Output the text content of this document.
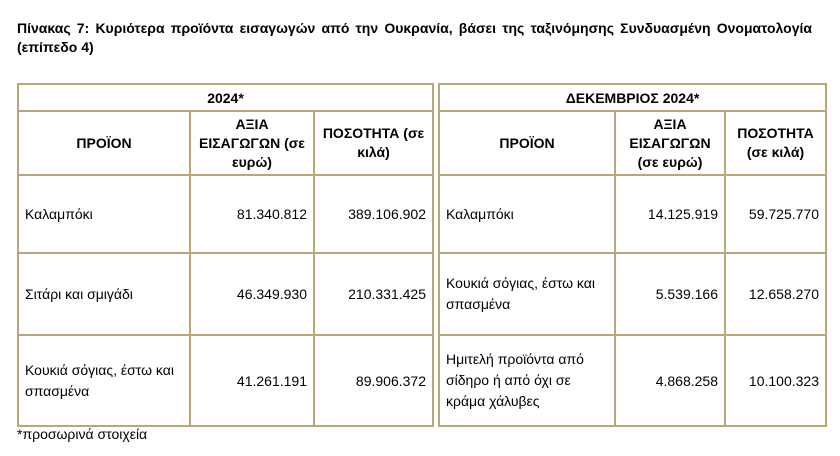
Πίνακας 7: Κυριότερα προϊόντα εισαγωγών από την Ουκρανία, βάσει της ταξινόμησης Συνδυασμένη Ονοματολογία (επίπεδο 4)
2024*				ΔΕΚΕΜΒΡΙΟΣ 2024*		
ΠΡΟΪΟΝ	ΑΞΙΑ ΕΙΣΑΓΩΓΩΝ (σε ευρώ)	ΠΟΣΟΤΗΤΑ (σε κιλά)		ΠΡΟΪΟΝ	ΑΞΙΑ ΕΙΣΑΓΩΓΩΝ (σε ευρώ)	ΠΟΣΟΤΗΤΑ (σε κιλά)
Καλαμπόκι	81.340.812	389.106.902		Καλαμπόκι	14.125.919	59.725.770
Σιτάρι και σμιγάδι	46.349.930	210.331.425		Κουκιά σόγιας, έστω και σπασμένα	5.539.166	12.658.270
Κουκιά σόγιας, έστω και σπασμένα	41.261.191	89.906.372		Ημιτελή προϊόντα από σίδηρο ή από όχι σε κράμα χάλυβες	4.868.258	10.100.323
*προσωρινά στοιχεία
